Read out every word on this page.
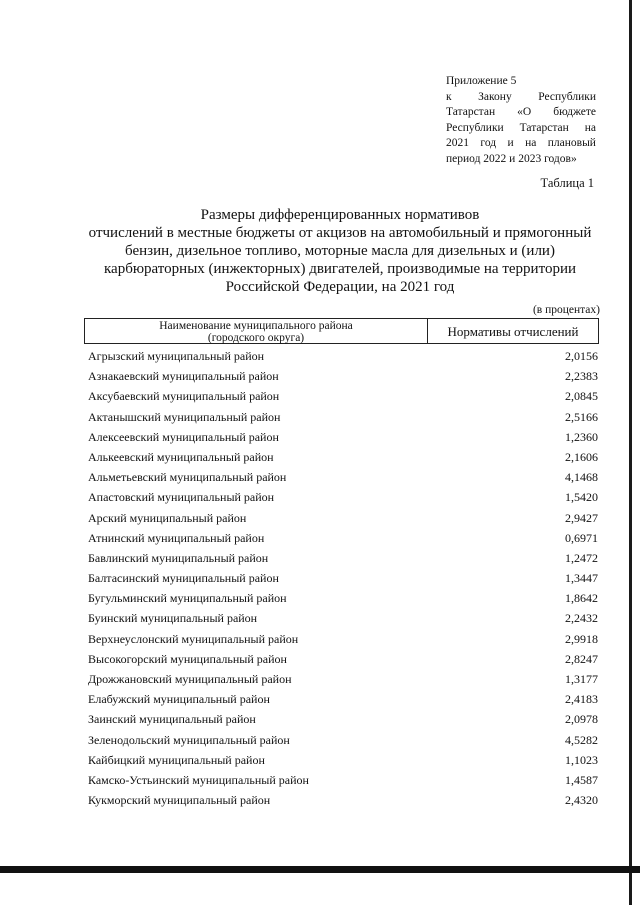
Приложение 5
к Закону Республики
Татарстан «О бюджете
Республики Татарстан на
2021 год и на плановый
период 2022 и 2023 годов»
Таблица 1
Размеры дифференцированных нормативов
отчислений в местные бюджеты от акцизов на автомобильный и прямогонный
бензин, дизельное топливо, моторные масла для дизельных и (или)
карбюраторных (инжекторных) двигателей, производимые на территории
Российской Федерации, на 2021 год
(в процентах)
Наименование муниципального района
(городского округа)	Нормативы отчислений
Агрызский муниципальный район	2,0156
Азнакаевский муниципальный район	2,2383
Аксубаевский муниципальный район	2,0845
Актанышский муниципальный район	2,5166
Алексеевский муниципальный район	1,2360
Алькеевский муниципальный район	2,1606
Альметьевский муниципальный район	4,1468
Апастовский муниципальный район	1,5420
Арский муниципальный район	2,9427
Атнинский муниципальный район	0,6971
Бавлинский муниципальный район	1,2472
Балтасинский муниципальный район	1,3447
Бугульминский муниципальный район	1,8642
Буинский муниципальный район	2,2432
Верхнеуслонский муниципальный район	2,9918
Высокогорский муниципальный район	2,8247
Дрожжановский муниципальный район	1,3177
Елабужский муниципальный район	2,4183
Заинский муниципальный район	2,0978
Зеленодольский муниципальный район	4,5282
Кайбицкий муниципальный район	1,1023
Камско-Устьинский муниципальный район	1,4587
Кукморский муниципальный район	2,4320
